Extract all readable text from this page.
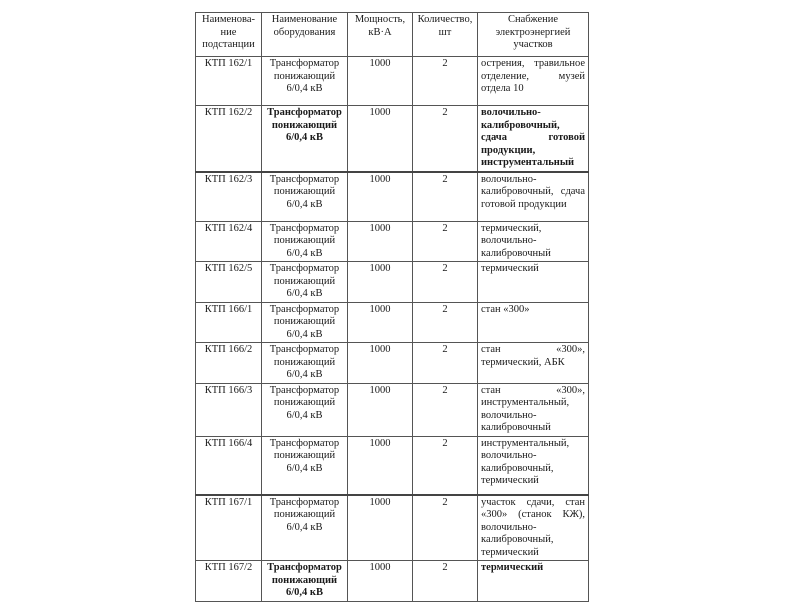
Наименова-ние подстанции	Наименование оборудования	Мощность, кВ·А	Количество, шт	Снабжение электроэнергией участков
КТП 162/1	Трансформатор понижающий 6/0,4 кВ	1000	2	острения, травильное отделение, музей отдела 10
КТП 162/2	Трансформатор понижающий 6/0,4 кВ	1000	2	волочильно-калибровочный, сдача готовой продукции, инструментальный
КТП 162/3	Трансформатор понижающий 6/0,4 кВ	1000	2	волочильно-калибровочный, сдача готовой продукции
КТП 162/4	Трансформатор понижающий 6/0,4 кВ	1000	2	термический, волочильно-калибровочный
КТП 162/5	Трансформатор понижающий 6/0,4 кВ	1000	2	термический
КТП 166/1	Трансформатор понижающий 6/0,4 кВ	1000	2	стан «300»
КТП 166/2	Трансформатор понижающий 6/0,4 кВ	1000	2	стан «300», термический, АБК
КТП 166/3	Трансформатор понижающий 6/0,4 кВ	1000	2	стан «300», инструментальный, волочильно-калибровочный
КТП 166/4	Трансформатор понижающий 6/0,4 кВ	1000	2	инструментальный, волочильно-калибровочный, термический
КТП 167/1	Трансформатор понижающий 6/0,4 кВ	1000	2	участок сдачи, стан «300» (станок КЖ), волочильно-калибровочный, термический
КТП 167/2	Трансформатор понижающий 6/0,4 кВ	1000	2	термический
